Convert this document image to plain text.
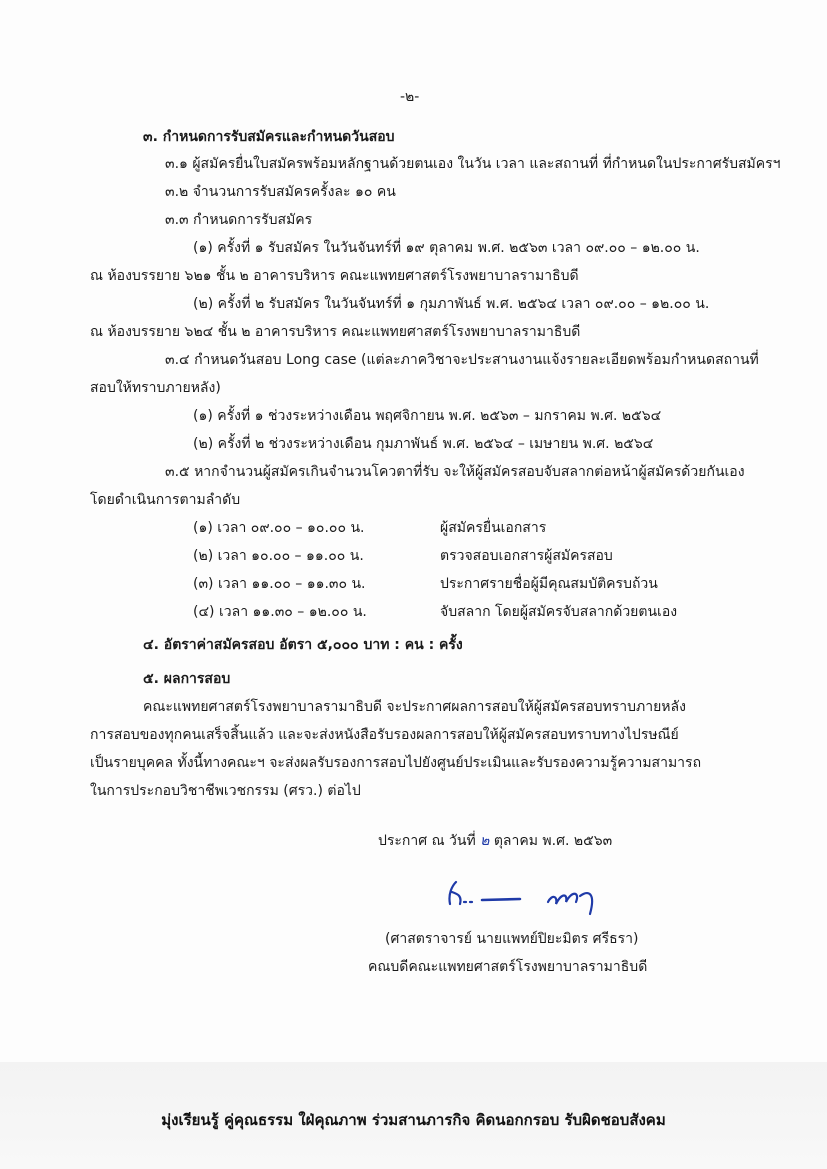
-๒-
๓. กำหนดการรับสมัครและกำหนดวันสอบ
๓.๑ ผู้สมัครยื่นใบสมัครพร้อมหลักฐานด้วยตนเอง ในวัน เวลา และสถานที่ ที่กำหนดในประกาศรับสมัครฯ
๓.๒ จำนวนการรับสมัครครั้งละ ๑๐ คน
๓.๓ กำหนดการรับสมัคร
(๑) ครั้งที่ ๑ รับสมัคร ในวันจันทร์ที่ ๑๙ ตุลาคม พ.ศ. ๒๕๖๓ เวลา ๐๙.๐๐ – ๑๒.๐๐ น.
ณ ห้องบรรยาย ๖๒๑ ชั้น ๒ อาคารบริหาร คณะแพทยศาสตร์โรงพยาบาลรามาธิบดี
(๒) ครั้งที่ ๒ รับสมัคร ในวันจันทร์ที่ ๑ กุมภาพันธ์ พ.ศ. ๒๕๖๔ เวลา ๐๙.๐๐ – ๑๒.๐๐ น.
ณ ห้องบรรยาย ๖๒๔ ชั้น ๒ อาคารบริหาร คณะแพทยศาสตร์โรงพยาบาลรามาธิบดี
๓.๔ กำหนดวันสอบ Long case (แต่ละภาควิชาจะประสานงานแจ้งรายละเอียดพร้อมกำหนดสถานที่
สอบให้ทราบภายหลัง)
(๑) ครั้งที่ ๑ ช่วงระหว่างเดือน พฤศจิกายน พ.ศ. ๒๕๖๓ – มกราคม พ.ศ. ๒๕๖๔
(๒) ครั้งที่ ๒ ช่วงระหว่างเดือน กุมภาพันธ์ พ.ศ. ๒๕๖๔ – เมษายน พ.ศ. ๒๕๖๔
๓.๕ หากจำนวนผู้สมัครเกินจำนวนโควตาที่รับ จะให้ผู้สมัครสอบจับสลากต่อหน้าผู้สมัครด้วยกันเอง
โดยดำเนินการตามลำดับ
(๑) เวลา ๐๙.๐๐ – ๑๐.๐๐ น.	ผู้สมัครยื่นเอกสาร
(๒) เวลา ๑๐.๐๐ – ๑๑.๐๐ น.	ตรวจสอบเอกสารผู้สมัครสอบ
(๓) เวลา ๑๑.๐๐ – ๑๑.๓๐ น.	ประกาศรายชื่อผู้มีคุณสมบัติครบถ้วน
(๔) เวลา ๑๑.๓๐ – ๑๒.๐๐ น.	จับสลาก โดยผู้สมัครจับสลากด้วยตนเอง
๔. อัตราค่าสมัครสอบ อัตรา ๕,๐๐๐ บาท : คน : ครั้ง
๕. ผลการสอบ
คณะแพทยศาสตร์โรงพยาบาลรามาธิบดี จะประกาศผลการสอบให้ผู้สมัครสอบทราบภายหลัง
การสอบของทุกคนเสร็จสิ้นแล้ว และจะส่งหนังสือรับรองผลการสอบให้ผู้สมัครสอบทราบทางไปรษณีย์
เป็นรายบุคคล ทั้งนี้ทางคณะฯ จะส่งผลรับรองการสอบไปยังศูนย์ประเมินและรับรองความรู้ความสามารถ
ในการประกอบวิชาชีพเวชกรรม (ศรว.) ต่อไป
ประกาศ ณ วันที่ ๒ ตุลาคม พ.ศ. ๒๕๖๓
(ศาสตราจารย์ นายแพทย์ปิยะมิตร ศรีธรา)
คณบดีคณะแพทยศาสตร์โรงพยาบาลรามาธิบดี
มุ่งเรียนรู้ คู่คุณธรรม ใฝ่คุณภาพ ร่วมสานภารกิจ คิดนอกกรอบ รับผิดชอบสังคม
